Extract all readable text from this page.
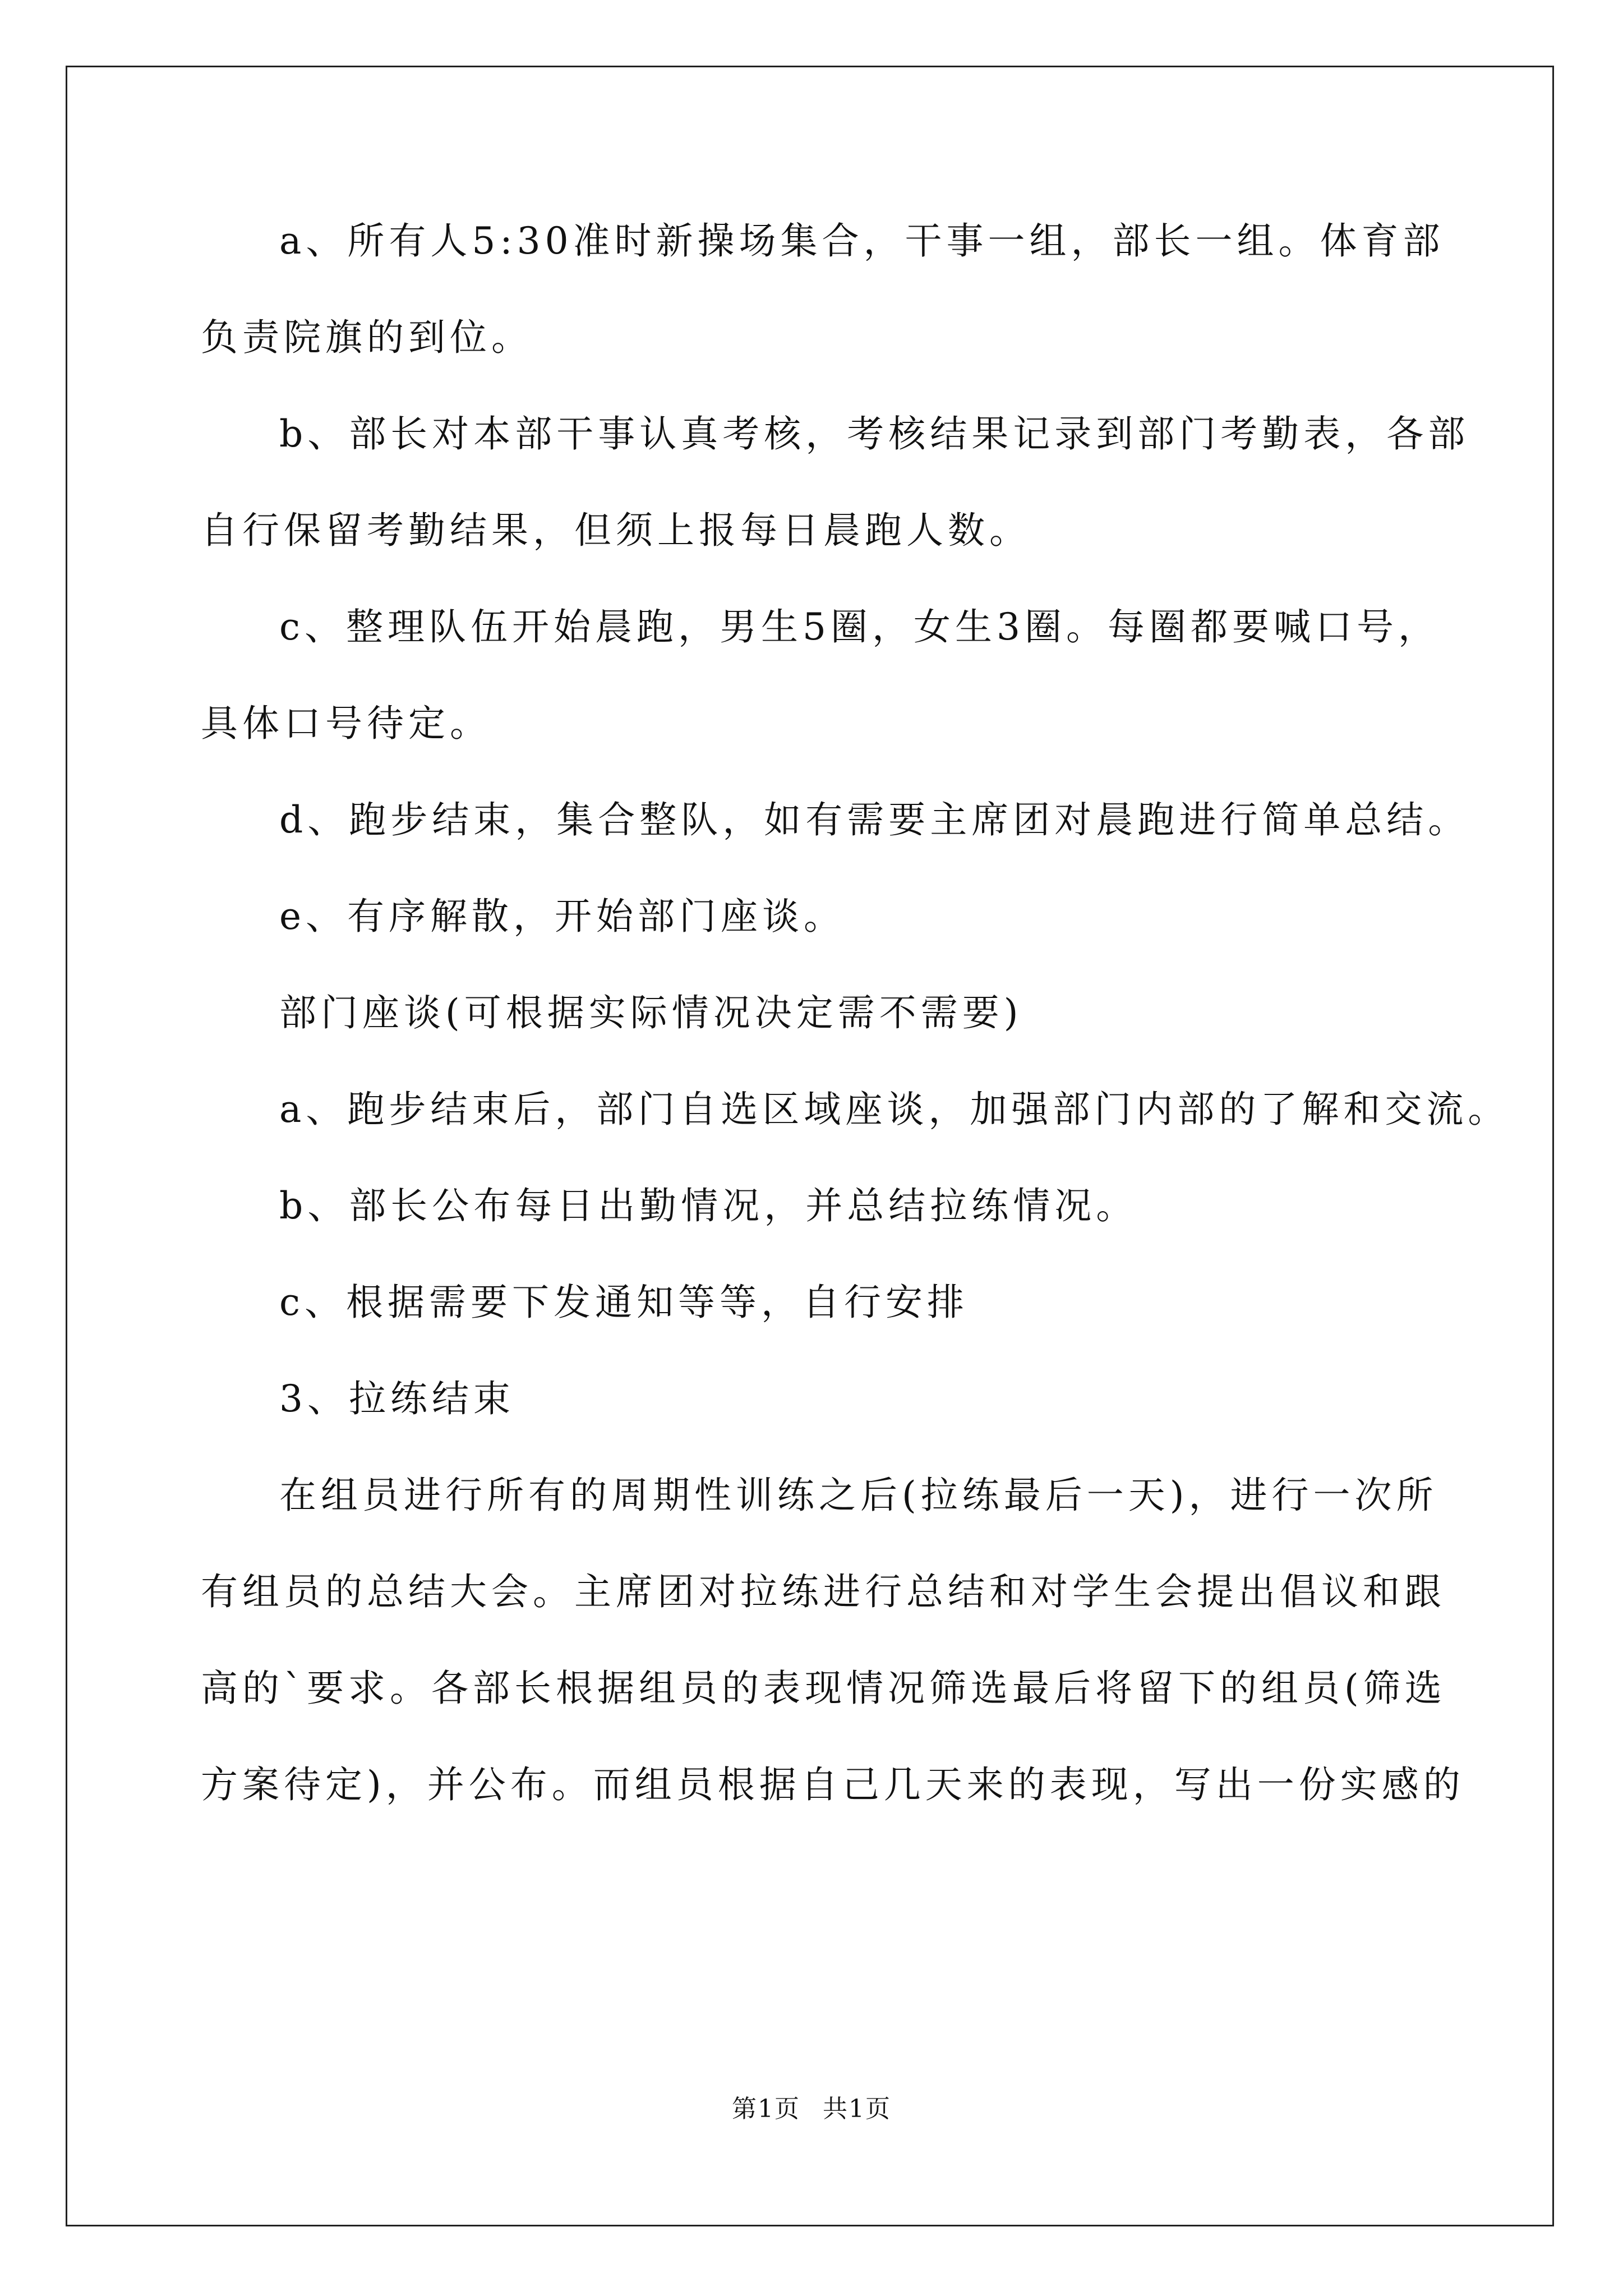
a、所有人5:30准时新操场集合，干事一组，部长一组。体育部
负责院旗的到位。
b、部长对本部干事认真考核，考核结果记录到部门考勤表，各部
自行保留考勤结果，但须上报每日晨跑人数。
c、整理队伍开始晨跑，男生5圈，女生3圈。每圈都要喊口号，
具体口号待定。
d、跑步结束，集合整队，如有需要主席团对晨跑进行简单总结。
e、有序解散，开始部门座谈。
部门座谈(可根据实际情况决定需不需要)
a、跑步结束后，部门自选区域座谈，加强部门内部的了解和交流。
b、部长公布每日出勤情况，并总结拉练情况。
c、根据需要下发通知等等，自行安排
3、拉练结束
在组员进行所有的周期性训练之后(拉练最后一天)，进行一次所
有组员的总结大会。主席团对拉练进行总结和对学生会提出倡议和跟
高的`要求。各部长根据组员的表现情况筛选最后将留下的组员(筛选
方案待定)，并公布。而组员根据自己几天来的表现，写出一份实感的
第1页 共1页
